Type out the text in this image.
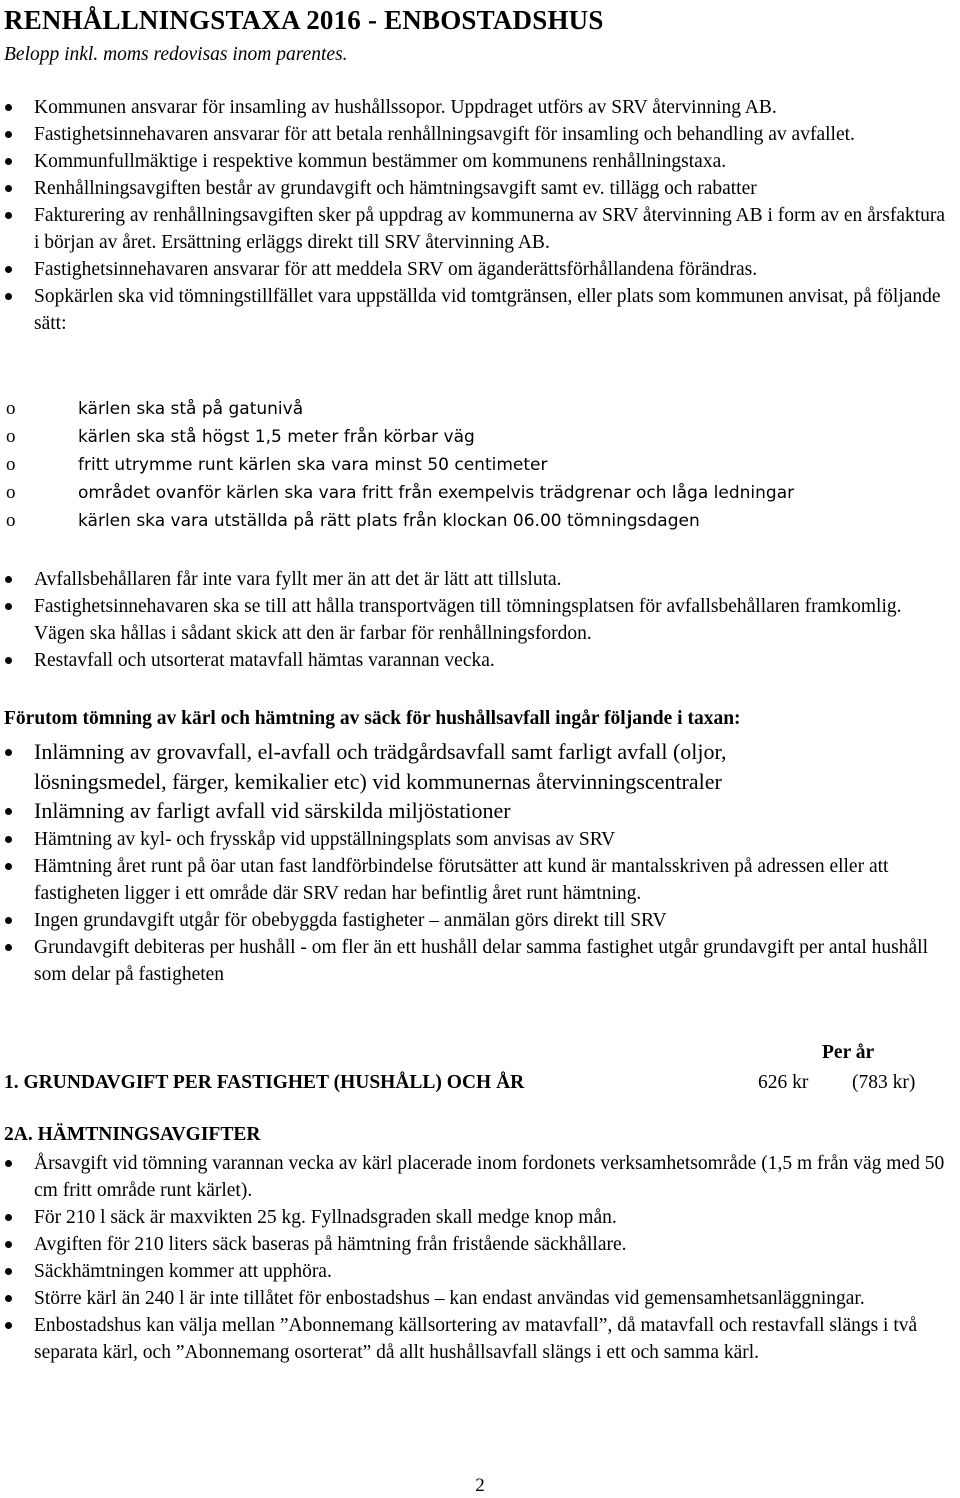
RENHÅLLNINGSTAXA 2016 - ENBOSTADSHUS

Belopp inkl. moms redovisas inom parentes.

Kommunen ansvarar för insamling av hushållssopor. Uppdraget utförs av SRV återvinning AB.
Fastighetsinnehavaren ansvarar för att betala renhållningsavgift för insamling och behandling av avfallet.
Kommunfullmäktige i respektive kommun bestämmer om kommunens renhållningstaxa.
Renhållningsavgiften består av grundavgift och hämtningsavgift samt ev. tillägg och rabatter
Fakturering av renhållningsavgiften sker på uppdrag av kommunerna av SRV återvinning AB i form av en årsfaktura i början av året. Ersättning erläggs direkt till SRV återvinning AB.
Fastighetsinnehavaren ansvarar för att meddela SRV om äganderättsförhållandena förändras.
Sopkärlen ska vid tömningstillfället vara uppställda vid tomtgränsen, eller plats som kommunen anvisat, på följande sätt:
o	kärlen ska stå på gatunivå
o	kärlen ska stå högst 1,5 meter från körbar väg
o	fritt utrymme runt kärlen ska vara minst 50 centimeter
o	området ovanför kärlen ska vara fritt från exempelvis trädgrenar och låga ledningar
o	kärlen ska vara utställda på rätt plats från klockan 06.00 tömningsdagen
Avfallsbehållaren får inte vara fyllt mer än att det är lätt att tillsluta.
Fastighetsinnehavaren ska se till att hålla transportvägen till tömningsplatsen för avfallsbehållaren framkomlig. Vägen ska hållas i sådant skick att den är farbar för renhållningsfordon.
Restavfall och utsorterat matavfall hämtas varannan vecka.

Förutom tömning av kärl och hämtning av säck för hushållsavfall ingår följande i taxan:

Inlämning av grovavfall, el-avfall och trädgårdsavfall samt farligt avfall (oljor, lösningsmedel, färger, kemikalier etc) vid kommunernas återvinningscentraler
Inlämning av farligt avfall vid särskilda miljöstationer
Hämtning av kyl- och frysskåp vid uppställningsplats som anvisas av SRV
Hämtning året runt på öar utan fast landförbindelse förutsätter att kund är mantalsskriven på adressen eller att fastigheten ligger i ett område där SRV redan har befintlig året runt hämtning.
Ingen grundavgift utgår för obebyggda fastigheter – anmälan görs direkt till SRV
Grundavgift debiteras per hushåll - om fler än ett hushåll delar samma fastighet utgår grundavgift per antal hushåll som delar på fastigheten
Per år
1. GRUNDAVGIFT PER FASTIGHET (HUSHÅLL) OCH ÅR	626 kr (783 kr)

2A. HÄMTNINGSAVGIFTER

Årsavgift vid tömning varannan vecka av kärl placerade inom fordonets verksamhetsområde (1,5 m från väg med 50 cm fritt område runt kärlet).
För 210 l säck är maxvikten 25 kg. Fyllnadsgraden skall medge knop mån.
Avgiften för 210 liters säck baseras på hämtning från fristående säckhållare.
Säckhämtningen kommer att upphöra.
Större kärl än 240 l är inte tillåtet för enbostadshus – kan endast användas vid gemensamhetsanläggningar.
Enbostadshus kan välja mellan ”Abonnemang källsortering av matavfall”, då matavfall och restavfall slängs i två separata kärl, och ”Abonnemang osorterat” då allt hushållsavfall slängs i ett och samma kärl.
2
